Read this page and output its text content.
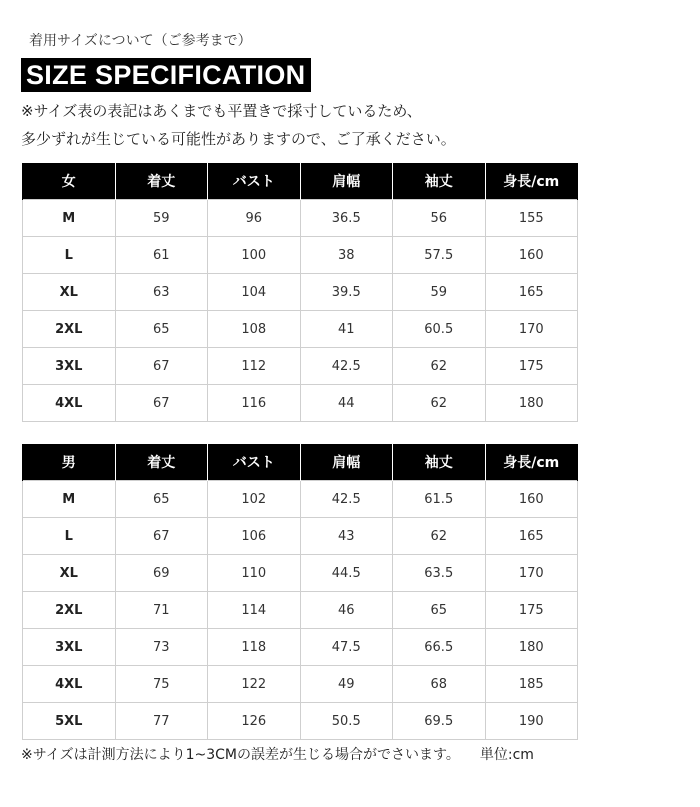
着用サイズについて（ご参考まで）
SIZE SPECIFICATION
※サイズ表の表記はあくまでも平置きで採寸しているため、
多少ずれが生じている可能性がありますので、ご了承ください。
女	着丈	バスト	肩幅	袖丈	身長/cm
M	59	96	36.5	56	155
L	61	100	38	57.5	160
XL	63	104	39.5	59	165
2XL	65	108	41	60.5	170
3XL	67	112	42.5	62	175
4XL	67	116	44	62	180
男	着丈	バスト	肩幅	袖丈	身長/cm
M	65	102	42.5	61.5	160
L	67	106	43	62	165
XL	69	110	44.5	63.5	170
2XL	71	114	46	65	175
3XL	73	118	47.5	66.5	180
4XL	75	122	49	68	185
5XL	77	126	50.5	69.5	190
※サイズは計測方法により1~3CMの誤差が生じる場合がでさいます。 単位:cm
